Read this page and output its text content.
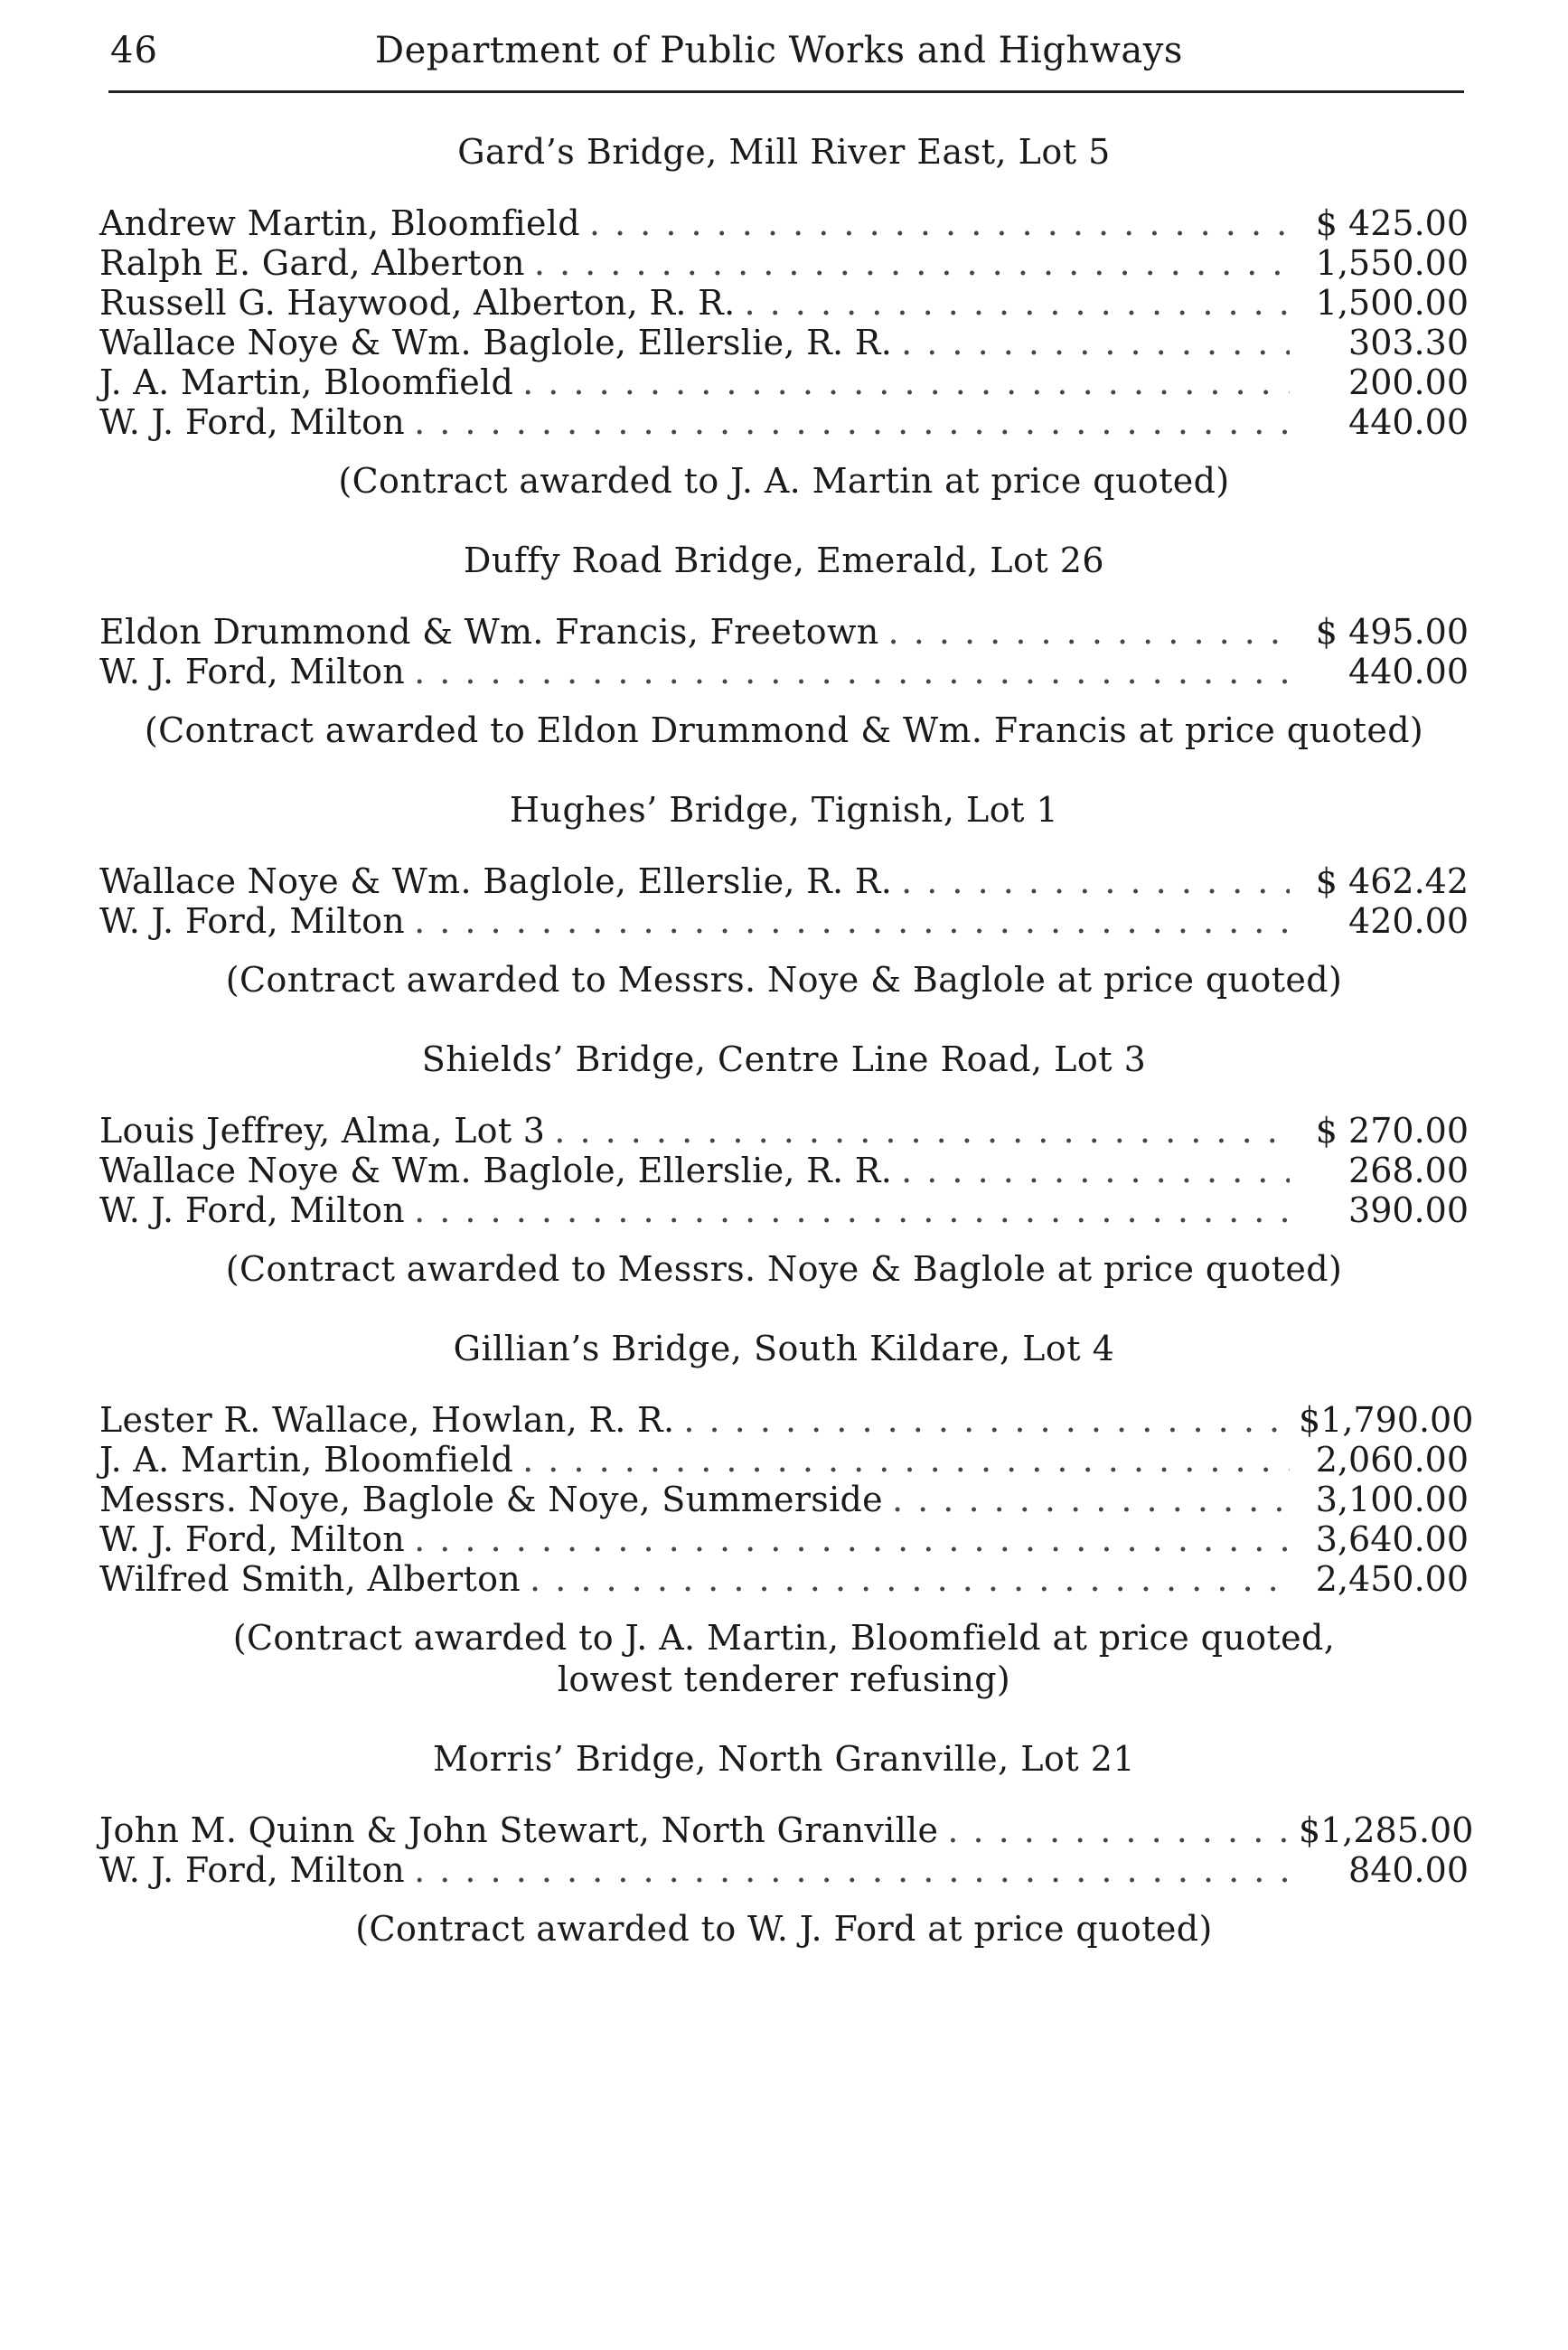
46	Department of Public Works and Highways
Gard’s Bridge, Mill River East, Lot 5
Andrew Martin, Bloomfield . . .	$ 425.00
Ralph E. Gard, Alberton . . .	1,550.00
Russell G. Haywood, Alberton, R. R. . . .	1,500.00
Wallace Noye & Wm. Baglole, Ellerslie, R. R. . . .	303.30
J. A. Martin, Bloomfield . . .	200.00
W. J. Ford, Milton . . .	440.00
(Contract awarded to J. A. Martin at price quoted)
Duffy Road Bridge, Emerald, Lot 26
Eldon Drummond & Wm. Francis, Freetown . . .	$ 495.00
W. J. Ford, Milton . . .	440.00
(Contract awarded to Eldon Drummond & Wm. Francis at price quoted)
Hughes’ Bridge, Tignish, Lot 1
Wallace Noye & Wm. Baglole, Ellerslie, R. R. . . .	$ 462.42
W. J. Ford, Milton . . .	420.00
(Contract awarded to Messrs. Noye & Baglole at price quoted)
Shields’ Bridge, Centre Line Road, Lot 3
Louis Jeffrey, Alma, Lot 3 . . .	$ 270.00
Wallace Noye & Wm. Baglole, Ellerslie, R. R. . . .	268.00
W. J. Ford, Milton . . .	390.00
(Contract awarded to Messrs. Noye & Baglole at price quoted)
Gillian’s Bridge, South Kildare, Lot 4
Lester R. Wallace, Howlan, R. R. . . .	$1,790.00
J. A. Martin, Bloomfield . . .	2,060.00
Messrs. Noye, Baglole & Noye, Summerside . . .	3,100.00
W. J. Ford, Milton . . .	3,640.00
Wilfred Smith, Alberton . . .	2,450.00
(Contract awarded to J. A. Martin, Bloomfield at price quoted,
lowest tenderer refusing)
Morris’ Bridge, North Granville, Lot 21
John M. Quinn & John Stewart, North Granville . . .	$1,285.00
W. J. Ford, Milton . . .	840.00
(Contract awarded to W. J. Ford at price quoted)
